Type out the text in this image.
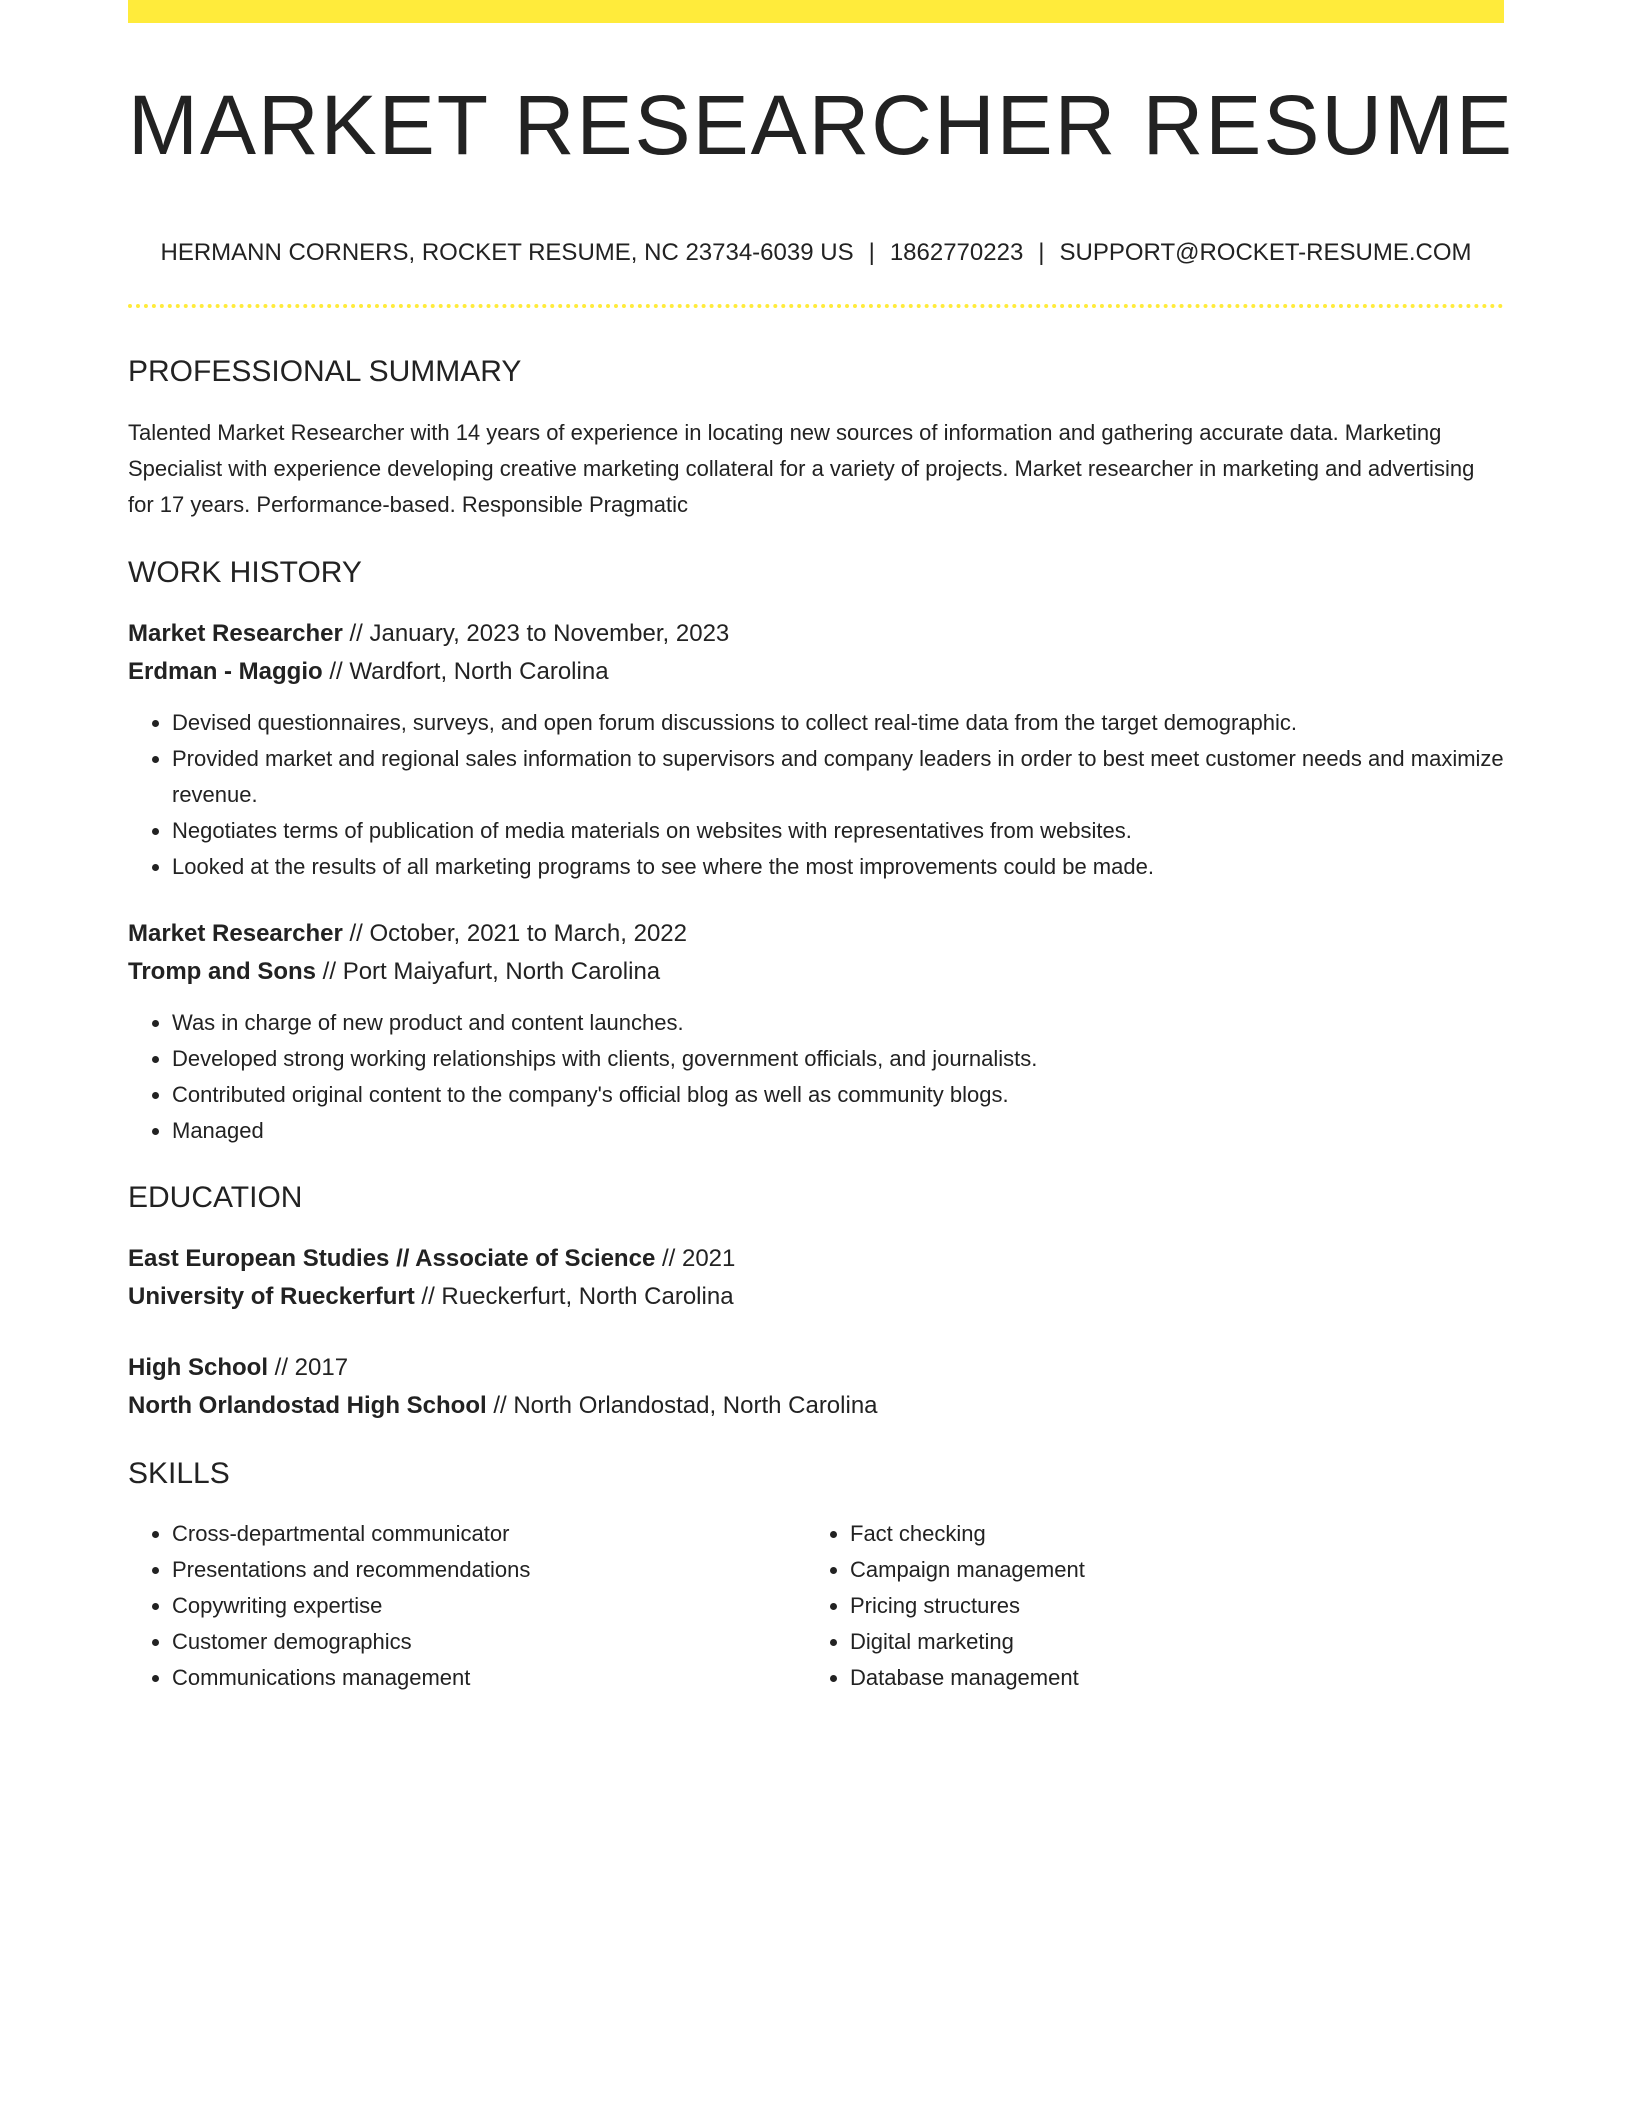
MARKET RESEARCHER RESUME
HERMANN CORNERS, ROCKET RESUME, NC 23734-6039 US | 1862770223 | SUPPORT@ROCKET-RESUME.COM
PROFESSIONAL SUMMARY

Talented Market Researcher with 14 years of experience in locating new sources of information and gathering accurate data. Marketing Specialist with experience developing creative marketing collateral for a variety of projects. Market researcher in marketing and advertising for 17 years. Performance-based. Responsible Pragmatic

WORK HISTORY
Market Researcher // January, 2023 to November, 2023
Erdman - Maggio // Wardfort, North Carolina
• Devised questionnaires, surveys, and open forum discussions to collect real-time data from the target demographic.
• Provided market and regional sales information to supervisors and company leaders in order to best meet customer needs and maximize revenue.
• Negotiates terms of publication of media materials on websites with representatives from websites.
• Looked at the results of all marketing programs to see where the most improvements could be made.
Market Researcher // October, 2021 to March, 2022
Tromp and Sons // Port Maiyafurt, North Carolina
• Was in charge of new product and content launches.
• Developed strong working relationships with clients, government officials, and journalists.
• Contributed original content to the company's official blog as well as community blogs.
• Managed
EDUCATION
East European Studies // Associate of Science // 2021
University of Rueckerfurt // Rueckerfurt, North Carolina
High School // 2017
North Orlandostad High School // North Orlandostad, North Carolina
SKILLS
• Cross-departmental communicator
• Presentations and recommendations
• Copywriting expertise
• Customer demographics
• Communications management
• Fact checking
• Campaign management
• Pricing structures
• Digital marketing
• Database management
